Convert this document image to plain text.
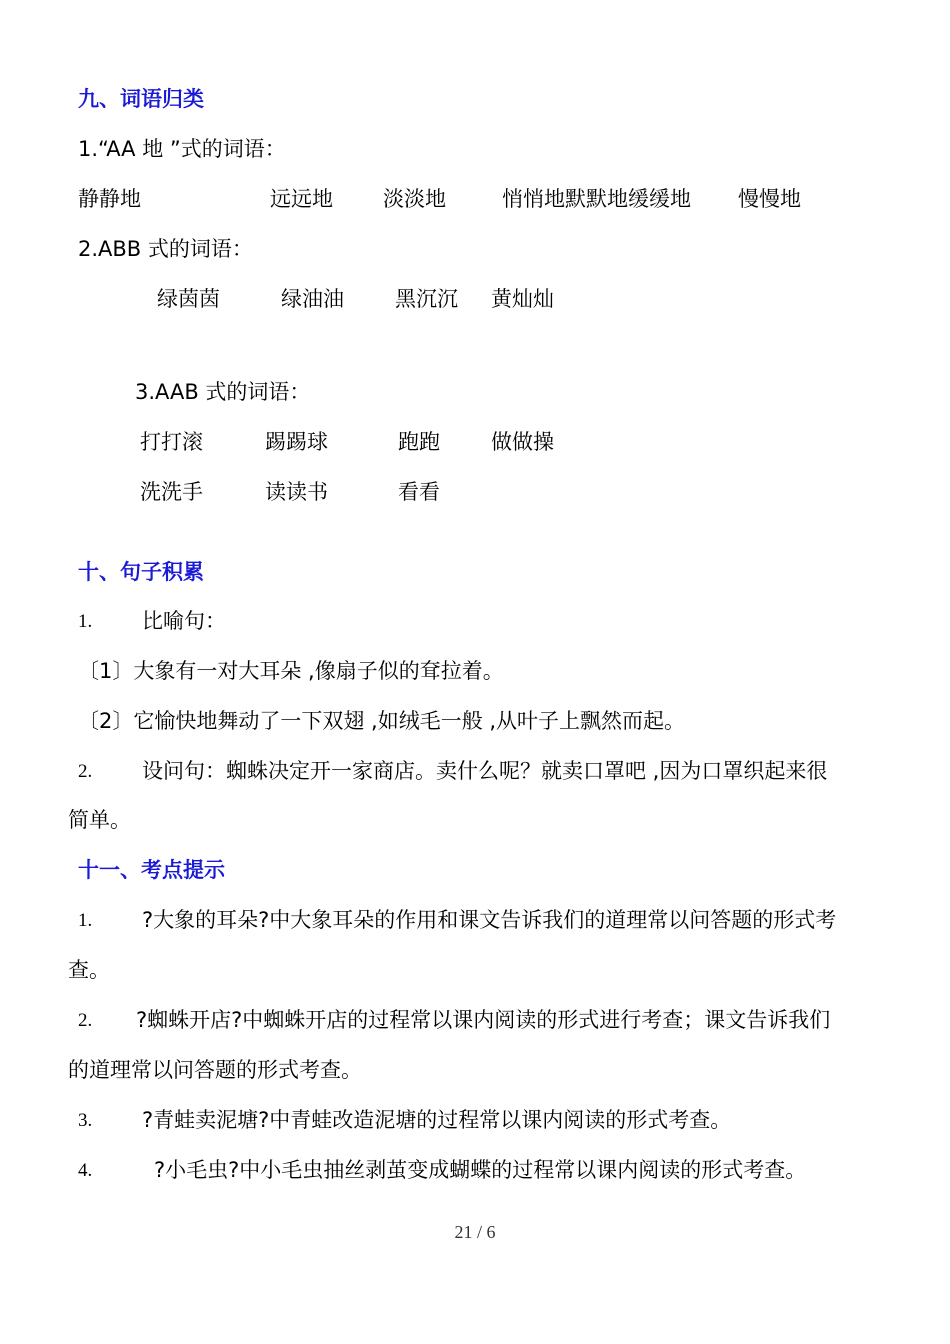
九、词语归类
1.“AA 地 ”式的词语：
静静地	远远地 淡淡地	悄悄地默默地缓缓地 慢慢地
2.ABB 式的词语：
绿茵茵	绿油油 黑沉沉 黄灿灿
3.AAB 式的词语：
打打滚	踢踢球	跑跑 做做操
洗洗手	读读书	看看
十、句子积累
1. 比喻句：
〔1〕大象有一对大耳朵 ,像扇子似的耷拉着。
〔2〕它愉快地舞动了一下双翅 ,如绒毛一般 ,从叶子上飘然而起。
2. 设问句：蜘蛛决定开一家商店。卖什么呢？就卖口罩吧 ,因为口罩织起来很
简单。
十一、考点提示
1. ?大象的耳朵?中大象耳朵的作用和课文告诉我们的道理常以问答题的形式考
查。
2. ?蜘蛛开店?中蜘蛛开店的过程常以课内阅读的形式进行考查；课文告诉我们
的道理常以问答题的形式考查。
3. ?青蛙卖泥塘?中青蛙改造泥塘的过程常以课内阅读的形式考查。
4.	?小毛虫?中小毛虫抽丝剥茧变成蝴蝶的过程常以课内阅读的形式考查。
21 / 6
